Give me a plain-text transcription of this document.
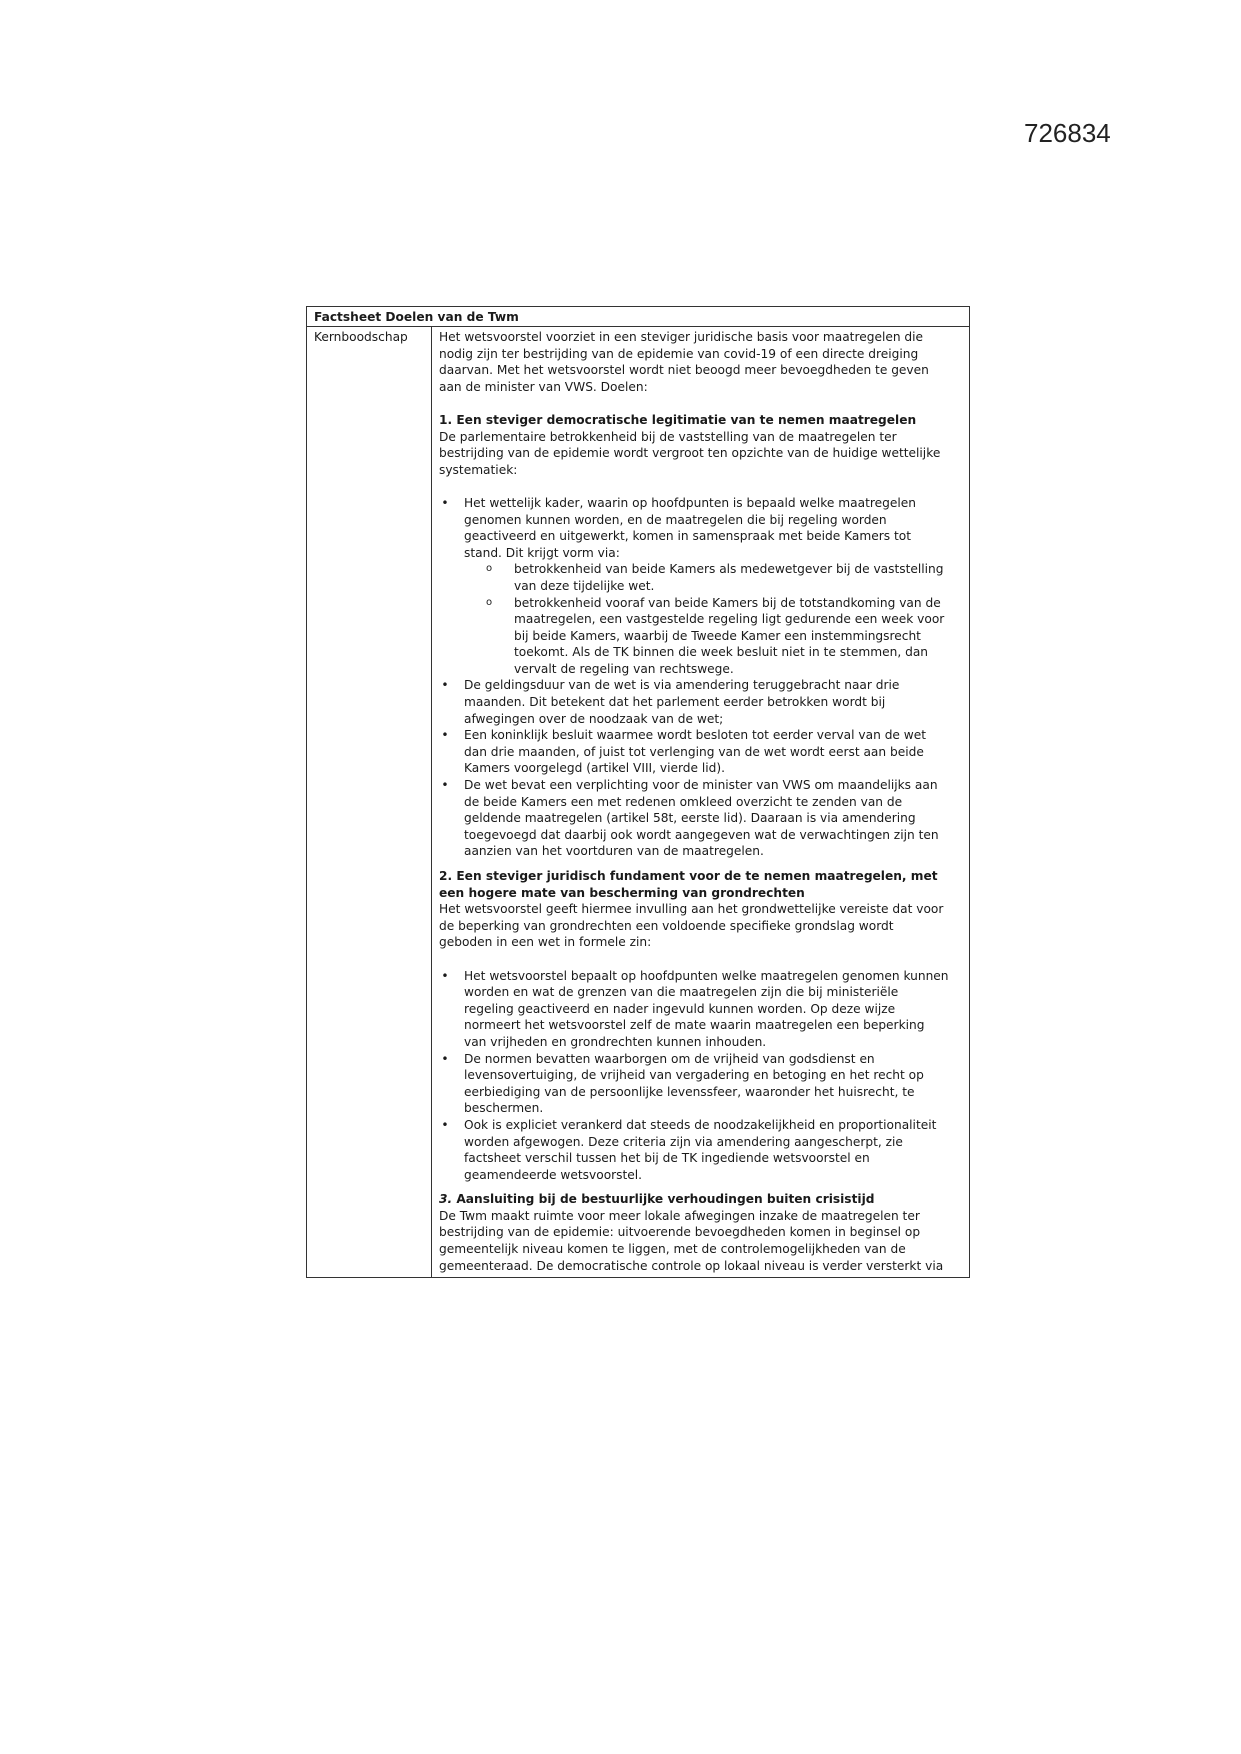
726834
Factsheet Doelen van de Twm
Kernboodschap	Het wetsvoorstel voorziet in een steviger juridische basis voor maatregelen die
nodig zijn ter bestrijding van de epidemie van covid-19 of een directe dreiging
daarvan. Met het wetsvoorstel wordt niet beoogd meer bevoegdheden te geven
aan de minister van VWS. Doelen:
1. Een steviger democratische legitimatie van te nemen maatregelen
De parlementaire betrokkenheid bij de vaststelling van de maatregelen ter
bestrijding van de epidemie wordt vergroot ten opzichte van de huidige wettelijke
systematiek:
• Het wettelijk kader, waarin op hoofdpunten is bepaald welke maatregelen
genomen kunnen worden, en de maatregelen die bij regeling worden
geactiveerd en uitgewerkt, komen in samenspraak met beide Kamers tot
stand. Dit krijgt vorm via:
o betrokkenheid van beide Kamers als medewetgever bij de vaststelling
van deze tijdelijke wet.
o betrokkenheid vooraf van beide Kamers bij de totstandkoming van de
maatregelen, een vastgestelde regeling ligt gedurende een week voor
bij beide Kamers, waarbij de Tweede Kamer een instemmingsrecht
toekomt. Als de TK binnen die week besluit niet in te stemmen, dan
vervalt de regeling van rechtswege.
• De geldingsduur van de wet is via amendering teruggebracht naar drie
maanden. Dit betekent dat het parlement eerder betrokken wordt bij
afwegingen over de noodzaak van de wet;
• Een koninklijk besluit waarmee wordt besloten tot eerder verval van de wet
dan drie maanden, of juist tot verlenging van de wet wordt eerst aan beide
Kamers voorgelegd (artikel VIII, vierde lid).
• De wet bevat een verplichting voor de minister van VWS om maandelijks aan
de beide Kamers een met redenen omkleed overzicht te zenden van de
geldende maatregelen (artikel 58t, eerste lid). Daaraan is via amendering
toegevoegd dat daarbij ook wordt aangegeven wat de verwachtingen zijn ten
aanzien van het voortduren van de maatregelen.
2. Een steviger juridisch fundament voor de te nemen maatregelen, met
een hogere mate van bescherming van grondrechten
Het wetsvoorstel geeft hiermee invulling aan het grondwettelijke vereiste dat voor
de beperking van grondrechten een voldoende specifieke grondslag wordt
geboden in een wet in formele zin:
• Het wetsvoorstel bepaalt op hoofdpunten welke maatregelen genomen kunnen
worden en wat de grenzen van die maatregelen zijn die bij ministeriële
regeling geactiveerd en nader ingevuld kunnen worden. Op deze wijze
normeert het wetsvoorstel zelf de mate waarin maatregelen een beperking
van vrijheden en grondrechten kunnen inhouden.
• De normen bevatten waarborgen om de vrijheid van godsdienst en
levensovertuiging, de vrijheid van vergadering en betoging en het recht op
eerbiediging van de persoonlijke levenssfeer, waaronder het huisrecht, te
beschermen.
• Ook is expliciet verankerd dat steeds de noodzakelijkheid en proportionaliteit
worden afgewogen. Deze criteria zijn via amendering aangescherpt, zie
factsheet verschil tussen het bij de TK ingediende wetsvoorstel en
geamendeerde wetsvoorstel.
3. Aansluiting bij de bestuurlijke verhoudingen buiten crisistijd
De Twm maakt ruimte voor meer lokale afwegingen inzake de maatregelen ter
bestrijding van de epidemie: uitvoerende bevoegdheden komen in beginsel op
gemeentelijk niveau komen te liggen, met de controlemogelijkheden van de
gemeenteraad. De democratische controle op lokaal niveau is verder versterkt via
